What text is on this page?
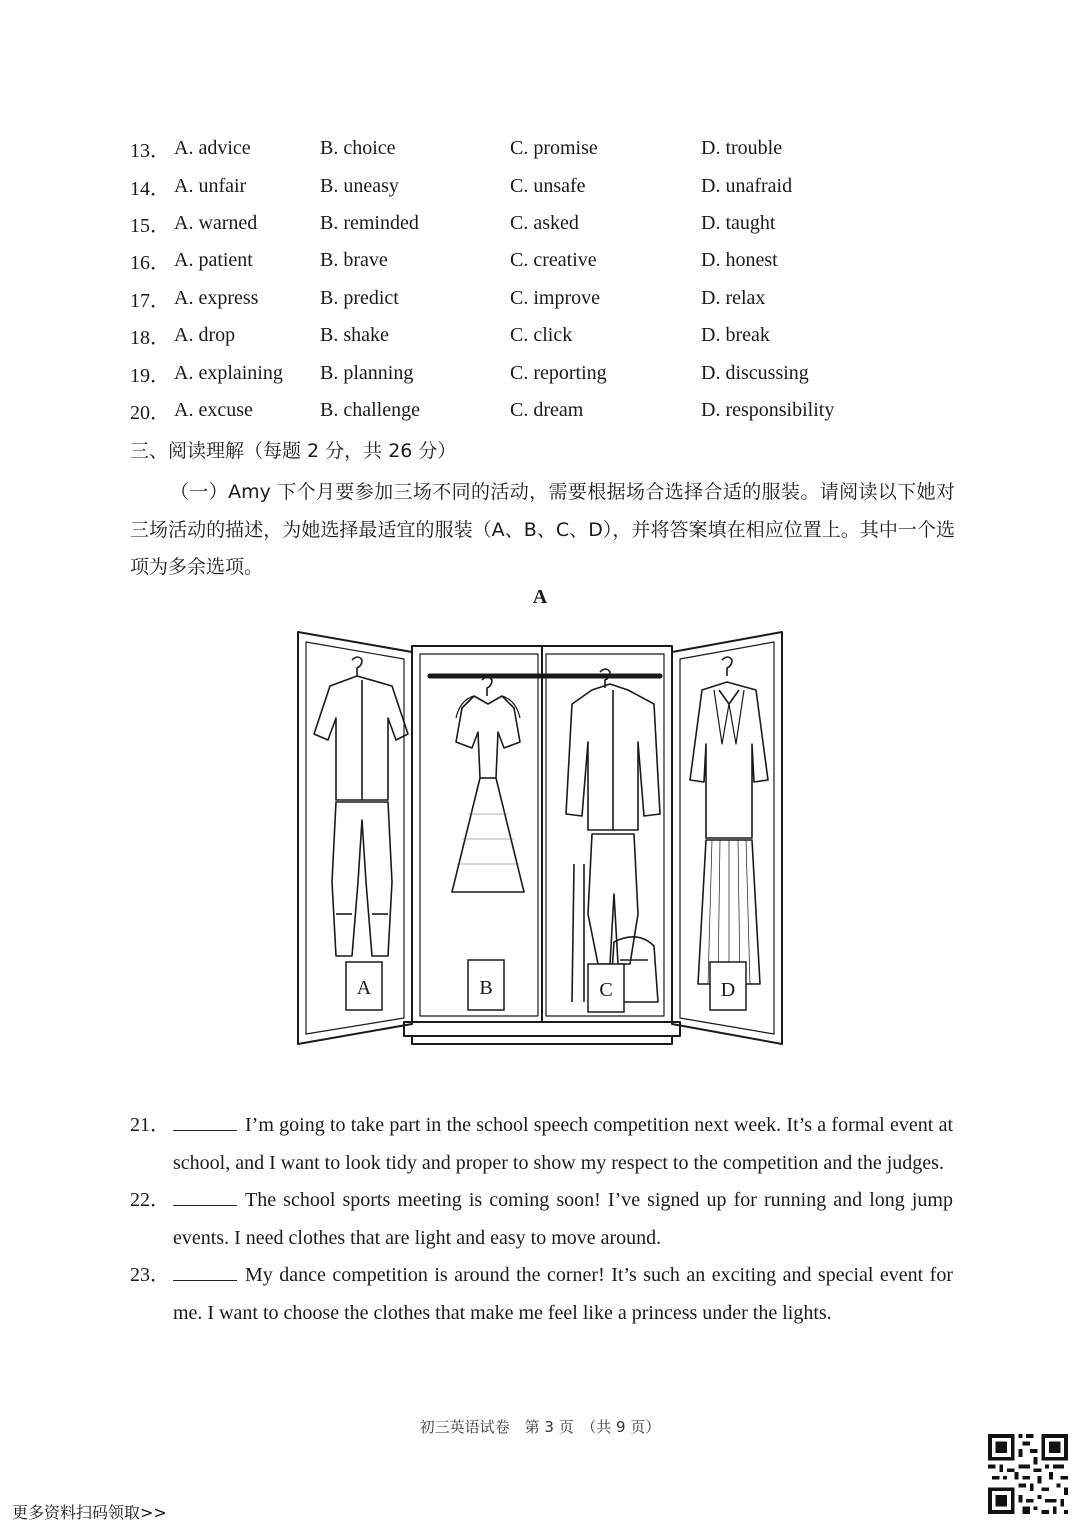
13． A. advice	B. choice	C. promise	D. trouble
14． A. unfair	B. uneasy	C. unsafe	D. unafraid
15． A. warned	B. reminded	C. asked	D. taught
16． A. patient	B. brave	C. creative	D. honest
17． A. express	B. predict	C. improve	D. relax
18． A. drop	B. shake	C. click	D. break
19． A. explaining	B. planning	C. reporting	D. discussing
20． A. excuse	B. challenge	C. dream	D. responsibility
三、阅读理解（每题 2 分，共 26 分）

（一）Amy 下个月要参加三场不同的活动，需要根据场合选择合适的服装。请阅读以下她对三场活动的描述，为她选择最适宜的服装（A、B、C、D），并将答案填在相应位置上。其中一个选项为多余选项。

A
A	B	C	D
21．	I’m going to take part in the school speech competition next week. It’s a formal event at school, and I want to look tidy and proper to show my respect to the competition and the judges.
22．	The school sports meeting is coming soon! I’ve signed up for running and long jump events. I need clothes that are light and easy to move around.
23．	My dance competition is around the corner! It’s such an exciting and special event for me. I want to choose the clothes that make me feel like a princess under the lights.
初三英语试卷　第 3 页　（共 9 页）
更多资料扫码领取>>
